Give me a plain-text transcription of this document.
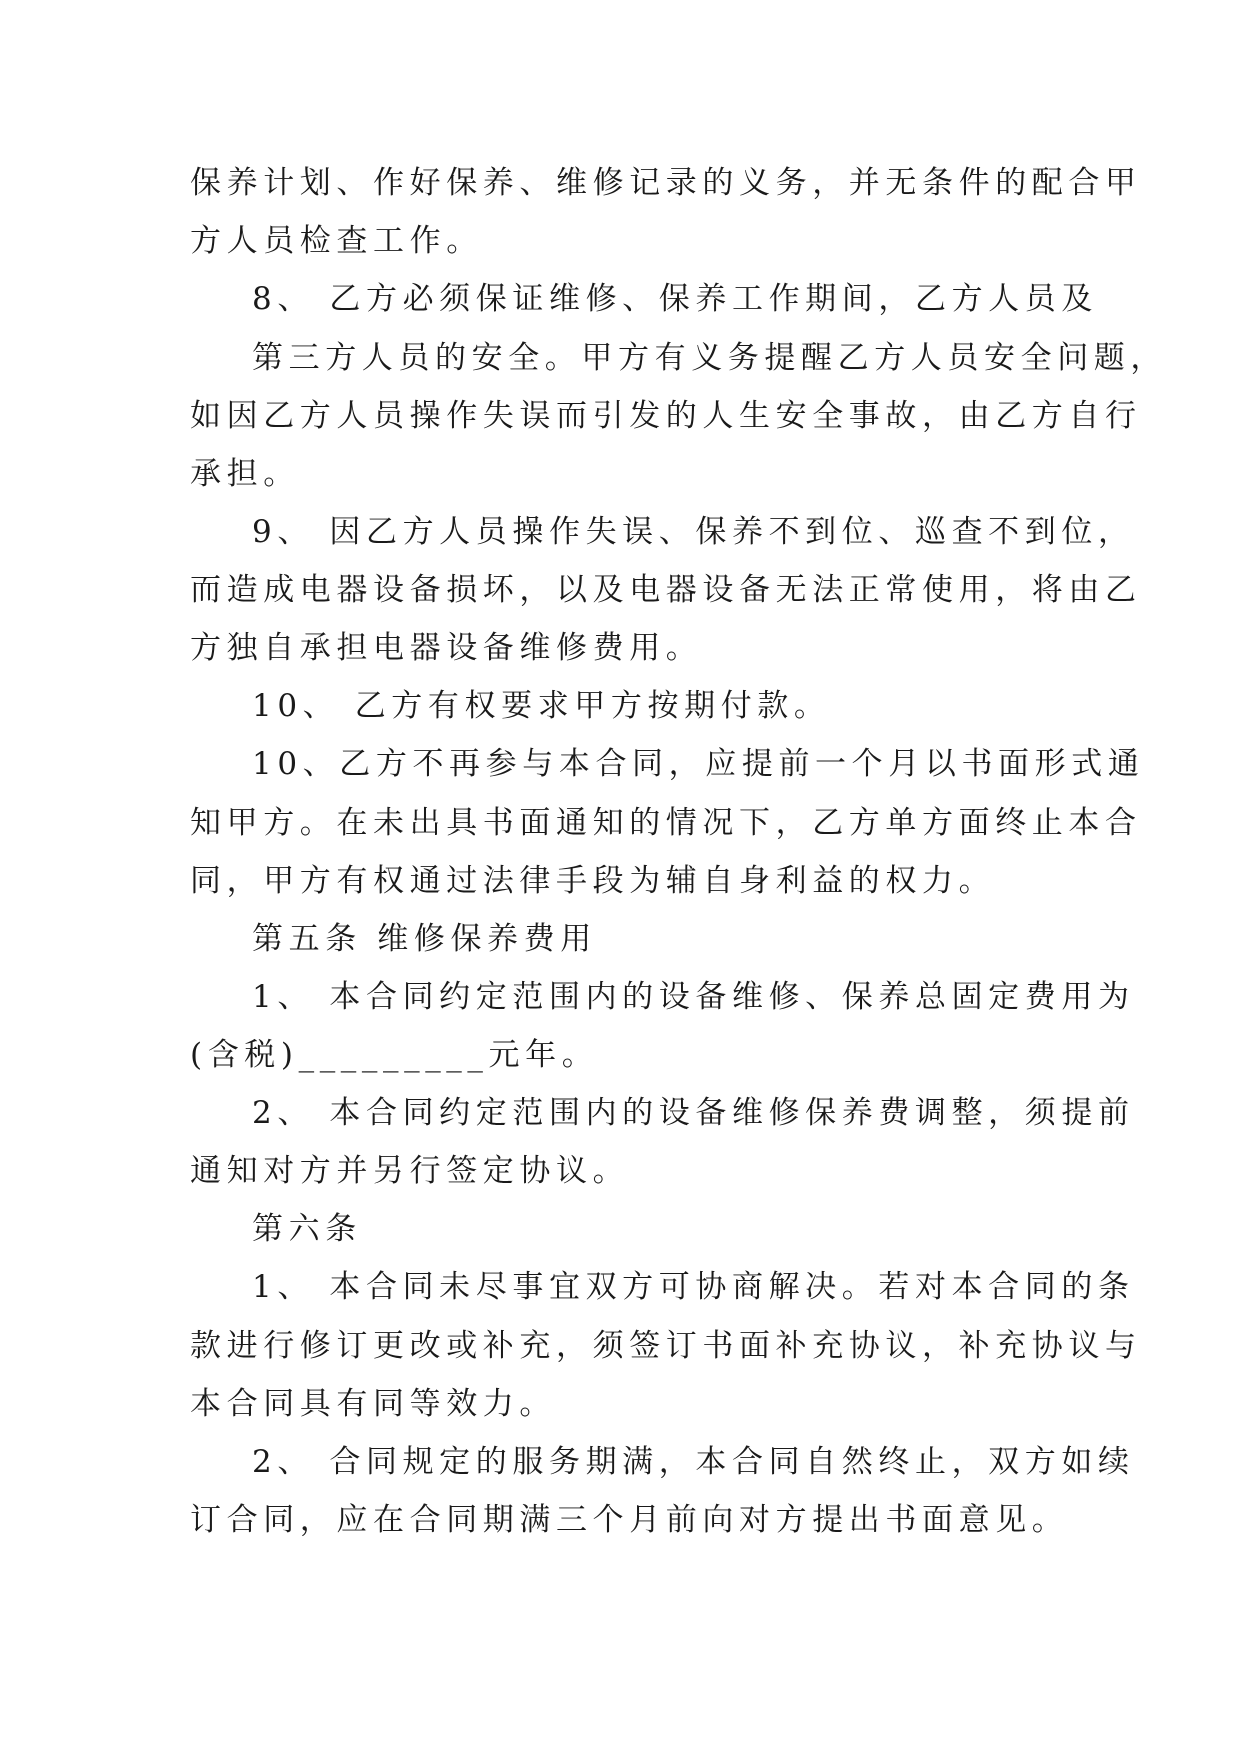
保养计划、作好保养、维修记录的义务，并无条件的配合甲

方人员检查工作。

8、 乙方必须保证维修、保养工作期间，乙方人员及

第三方人员的安全。甲方有义务提醒乙方人员安全问题，

如因乙方人员操作失误而引发的人生安全事故，由乙方自行

承担。

9、 因乙方人员操作失误、保养不到位、巡查不到位，

而造成电器设备损坏，以及电器设备无法正常使用，将由乙

方独自承担电器设备维修费用。

10、 乙方有权要求甲方按期付款。

10、乙方不再参与本合同，应提前一个月以书面形式通

知甲方。在未出具书面通知的情况下，乙方单方面终止本合

同，甲方有权通过法律手段为辅自身利益的权力。

第五条 维修保养费用

1、 本合同约定范围内的设备维修、保养总固定费用为

(含税)_________元年。

2、 本合同约定范围内的设备维修保养费调整，须提前

通知对方并另行签定协议。

第六条

1、 本合同未尽事宜双方可协商解决。若对本合同的条

款进行修订更改或补充，须签订书面补充协议，补充协议与

本合同具有同等效力。

2、 合同规定的服务期满，本合同自然终止，双方如续

订合同，应在合同期满三个月前向对方提出书面意见。
